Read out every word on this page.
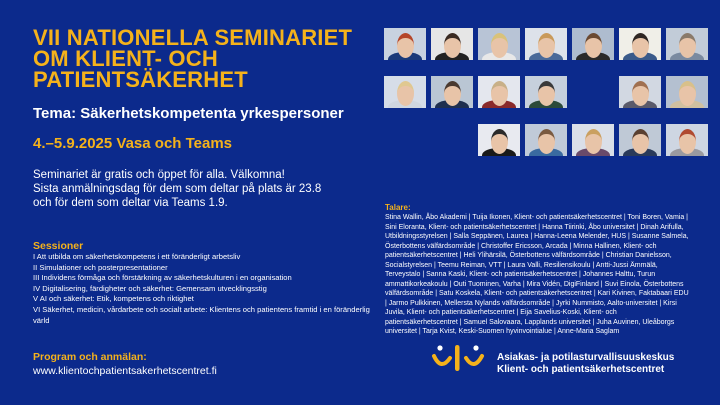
VII NATIONELLA SEMINARIET
OM KLIENT- OCH
PATIENTSÄKERHET
Tema: Säkerhetskompetenta yrkespersoner
4.–5.9.2025 Vasa och Teams
Seminariet är gratis och öppet för alla. Välkomna!
Sista anmälningsdag för dem som deltar på plats är 23.8
och för dem som deltar via Teams 1.9.
Sessioner
I Att utbilda om säkerhetskompetens i ett föränderligt arbetsliv
II Simulationer och posterpresentationer
III Individens förmåga och förstärkning av säkerhetskulturen i en organisation
IV Digitalisering, färdigheter och säkerhet: Gemensam utvecklingsstig
V AI och säkerhet: Etik, kompetens och riktighet
VI Säkerhet, medicin, vårdarbete och socialt arbete: Klientens och patientens framtid i en föränderlig värld
Program och anmälan:
www.klientochpatientsakerhetscentret.fi
Talare:
Stina Wallin, Åbo Akademi | Tuija Ikonen, Klient- och patientsäkerhetscentret | Toni Boren, Vamia | Sini Eloranta, Klient- och patientsäkerhetscentret | Hanna Tiirinki, Åbo universitet | Dinah Arifulla, Utbildningsstyrelsen | Salla Seppänen, Laurea | Hanna-Leena Melender, HUS | Susanne Salmela, Österbottens välfärdsområde | Christoffer Ericsson, Arcada | Minna Hallinen, Klient- och patientsäkerhetscentret | Heli Ylihärsilä, Österbottens välfärdsområde | Christian Danielsson, Socialstyrelsen | Teemu Reiman, VTT | Laura Valli, Resiliensikoulu | Antti-Jussi Ämmälä, Terveystalo | Sanna Kaski, Klient- och patientsäkerhetscentret | Johannes Halttu, Turun ammattikorkeakoulu | Outi Tuominen, Varha | Mira Vidén, DigiFinland | Suvi Einola, Österbottens välfärdsområde | Satu Koskela, Klient- och patientsäkerhetscentret | Kari Kivinen, Faktabaari EDU | Jarmo Pulkkinen, Mellersta Nylands välfärdsområde | Jyrki Nummisto, Aalto-universitet | Kirsi Juvila, Klient- och patientsäkerhetscentret | Eija Savelius-Koski, Klient- och patientsäkerhetscentret | Samuel Salovaara, Lapplands universitet | Juha Auvinen, Uleåborgs universitet | Tarja Kvist, Keski-Suomen hyvinvointialue | Anne-Maria Saglam
Asiakas- ja potilasturvallisuuskeskus
Klient- och patientsäkerhetscentret
